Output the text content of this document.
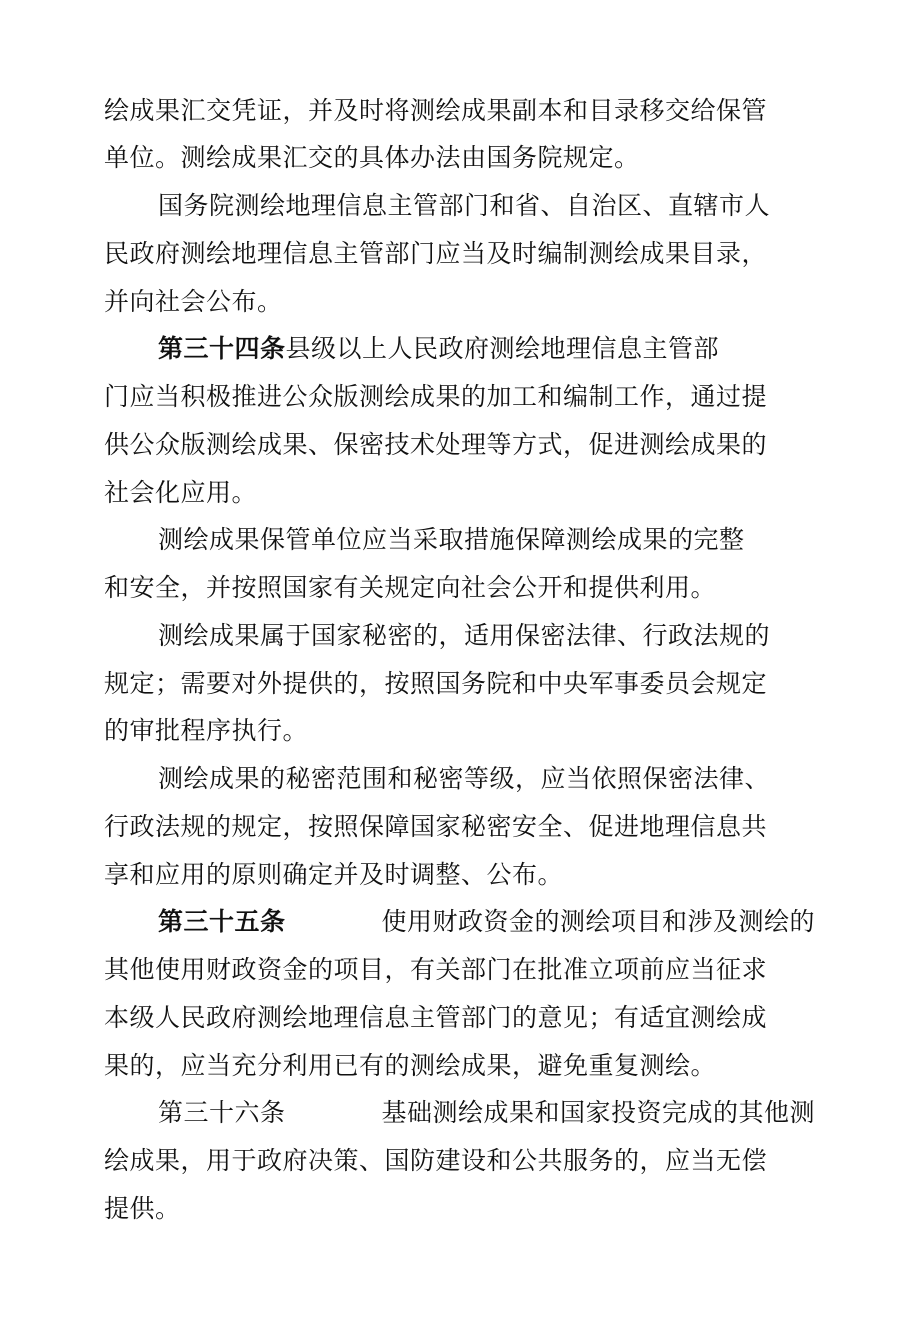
绘成果汇交凭证，并及时将测绘成果副本和目录移交给保管
单位。测绘成果汇交的具体办法由国务院规定。
国务院测绘地理信息主管部门和省、自治区、直辖市人
民政府测绘地理信息主管部门应当及时编制测绘成果目录，
并向社会公布。
第三十四条县级以上人民政府测绘地理信息主管部
门应当积极推进公众版测绘成果的加工和编制工作，通过提
供公众版测绘成果、保密技术处理等方式，促进测绘成果的
社会化应用。
测绘成果保管单位应当采取措施保障测绘成果的完整
和安全，并按照国家有关规定向社会公开和提供利用。
测绘成果属于国家秘密的，适用保密法律、行政法规的
规定；需要对外提供的，按照国务院和中央军事委员会规定
的审批程序执行。
测绘成果的秘密范围和秘密等级，应当依照保密法律、
行政法规的规定，按照保障国家秘密安全、促进地理信息共
享和应用的原则确定并及时调整、公布。
第三十五条	使用财政资金的测绘项目和涉及测绘的
其他使用财政资金的项目，有关部门在批准立项前应当征求
本级人民政府测绘地理信息主管部门的意见；有适宜测绘成
果的，应当充分利用已有的测绘成果，避免重复测绘。
第三十六条	基础测绘成果和国家投资完成的其他测
绘成果，用于政府决策、国防建设和公共服务的，应当无偿
提供。
